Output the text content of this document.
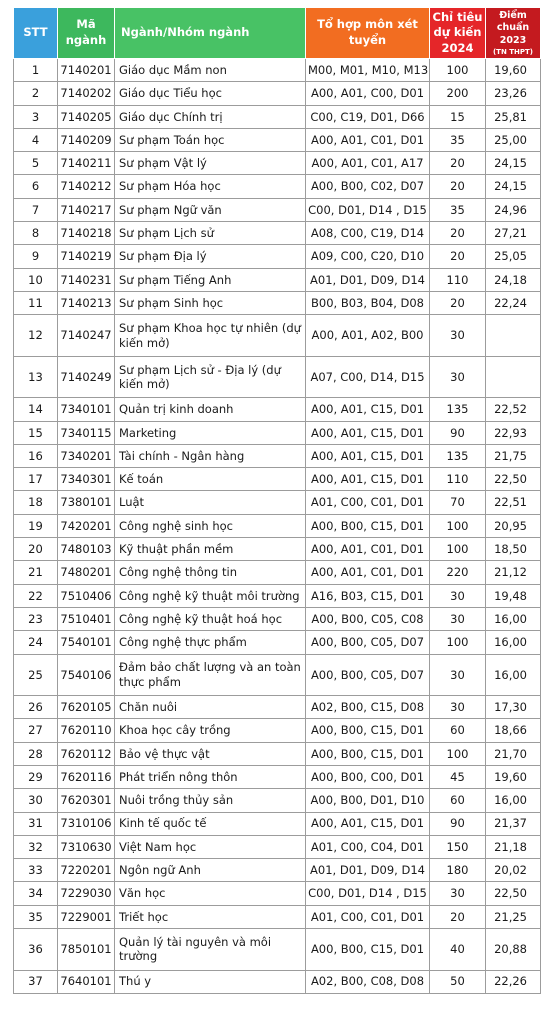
STT	Mã ngành	Ngành/Nhóm ngành	Tổ hợp môn xét tuyển	Chỉ tiêu dự kiến 2024	Điểm chuẩn 2023
(TN THPT)

1	7140201	Giáo dục Mầm non	M00, M01, M10, M13	100	19,60
2	7140202	Giáo dục Tiểu học	A00, A01, C00, D01	200	23,26
3	7140205	Giáo dục Chính trị	C00, C19, D01, D66	15	25,81
4	7140209	Sư phạm Toán học	A00, A01, C01, D01	35	25,00
5	7140211	Sư phạm Vật lý	A00, A01, C01, A17	20	24,15
6	7140212	Sư phạm Hóa học	A00, B00, C02, D07	20	24,15
7	7140217	Sư phạm Ngữ văn	C00, D01, D14 , D15	35	24,96
8	7140218	Sư phạm Lịch sử	A08, C00, C19, D14	20	27,21
9	7140219	Sư phạm Địa lý	A09, C00, C20, D10	20	25,05
10	7140231	Sư phạm Tiếng Anh	A01, D01, D09, D14	110	24,18
11	7140213	Sư phạm Sinh học	B00, B03, B04, D08	20	22,24
12	7140247	Sư phạm Khoa học tự nhiên (dự kiến mở)	A00, A01, A02, B00	30	
13	7140249	Sư phạm Lịch sử - Địa lý (dự kiến mở)	A07, C00, D14, D15	30	
14	7340101	Quản trị kinh doanh	A00, A01, C15, D01	135	22,52
15	7340115	Marketing	A00, A01, C15, D01	90	22,93
16	7340201	Tài chính - Ngân hàng	A00, A01, C15, D01	135	21,75
17	7340301	Kế toán	A00, A01, C15, D01	110	22,50
18	7380101	Luật	A01, C00, C01, D01	70	22,51
19	7420201	Công nghệ sinh học	A00, B00, C15, D01	100	20,95
20	7480103	Kỹ thuật phần mềm	A00, A01, C01, D01	100	18,50
21	7480201	Công nghệ thông tin	A00, A01, C01, D01	220	21,12
22	7510406	Công nghệ kỹ thuật môi trường	A16, B03, C15, D01	30	19,48
23	7510401	Công nghệ kỹ thuật hoá học	A00, B00, C05, C08	30	16,00
24	7540101	Công nghệ thực phẩm	A00, B00, C05, D07	100	16,00
25	7540106	Đảm bảo chất lượng và an toàn thực phẩm	A00, B00, C05, D07	30	16,00
26	7620105	Chăn nuôi	A02, B00, C15, D08	30	17,30
27	7620110	Khoa học cây trồng	A00, B00, C15, D01	60	18,66
28	7620112	Bảo vệ thực vật	A00, B00, C15, D01	100	21,70
29	7620116	Phát triển nông thôn	A00, B00, C00, D01	45	19,60
30	7620301	Nuôi trồng thủy sản	A00, B00, D01, D10	60	16,00
31	7310106	Kinh tế quốc tế	A00, A01, C15, D01	90	21,37
32	7310630	Việt Nam học	A01, C00, C04, D01	150	21,18
33	7220201	Ngôn ngữ Anh	A01, D01, D09, D14	180	20,02
34	7229030	Văn học	C00, D01, D14 , D15	30	22,50
35	7229001	Triết học	A01, C00, C01, D01	20	21,25
36	7850101	Quản lý tài nguyên và môi trường	A00, B00, C15, D01	40	20,88
37	7640101	Thú y	A02, B00, C08, D08	50	22,26
